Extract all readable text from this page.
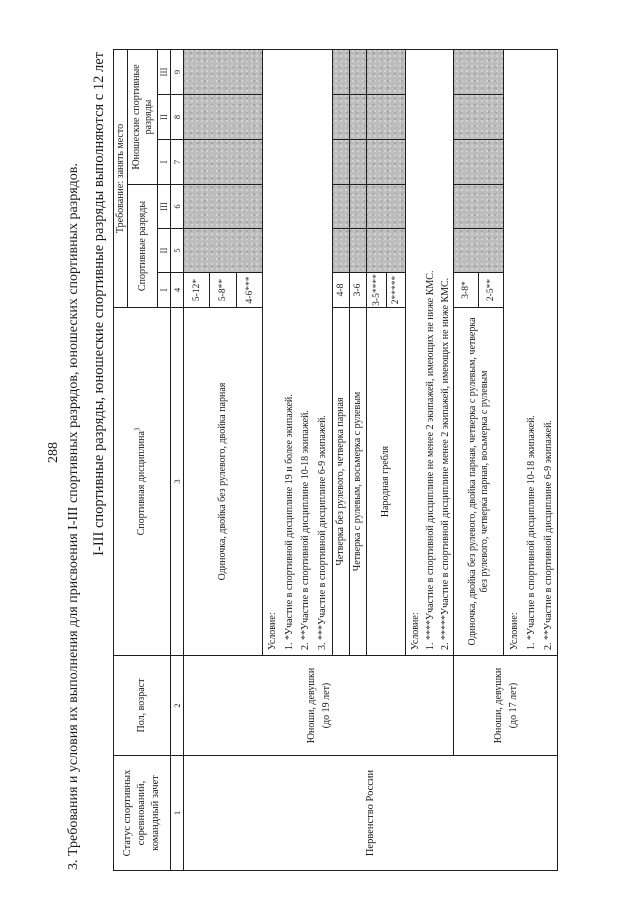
288 3. Требования и условия их выполнения для присвоения I-III спортивных разрядов, юношеских спортивных разрядов. I-III спортивные разряды, юношеские спортивные разряды выполняются с 12 лет
Статус спортивных соревнований, командный зачет	Пол, возраст	Спортивная дисциплина$^3$	Требование: занять место					
			Спортивные разряды			Юношеские спортивные разряды		
			I	II	III	I	II	III
1	2	3	4	5	6	7	8	9
Первенство России	Юноши, девушки (до 19 лет)	Одиночка, двойка без рулевого, двойка парная	5-12*					
			5-8**					
			4-6***					

		Условие: 1. *Участие в спортивной дисциплине 19 и более экипажей. 2. **Участие в спортивной дисциплине 10-18 экипажей. 3. ***Участие в спортивной дисциплине 6-9 экипажей.						

		Четверка без рулевого, четверка парная	4-8					
		Четверка с рулевым, восьмерка с рулевым	3-6					
		Народная гребля	3-5****					
			2*****					

		Условие: 1. ****Участие в спортивной дисциплине не менее 2 экипажей, имеющих не ниже КМС. 2. *****Участие в спортивной дисциплине менее 2 экипажей, имеющих не ниже КМС.						

	Юноши, девушки (до 17 лет)	Одиночка, двойка без рулевого, двойка парная, четверка с рулевым, четверка без рулевого, четверка парная, восьмерка с рулевым	3-8*					
			2-5**					

		Условие: 1. *Участие в спортивной дисциплине 10-18 экипажей. 2. **Участие в спортивной дисциплине 6-9 экипажей.						
